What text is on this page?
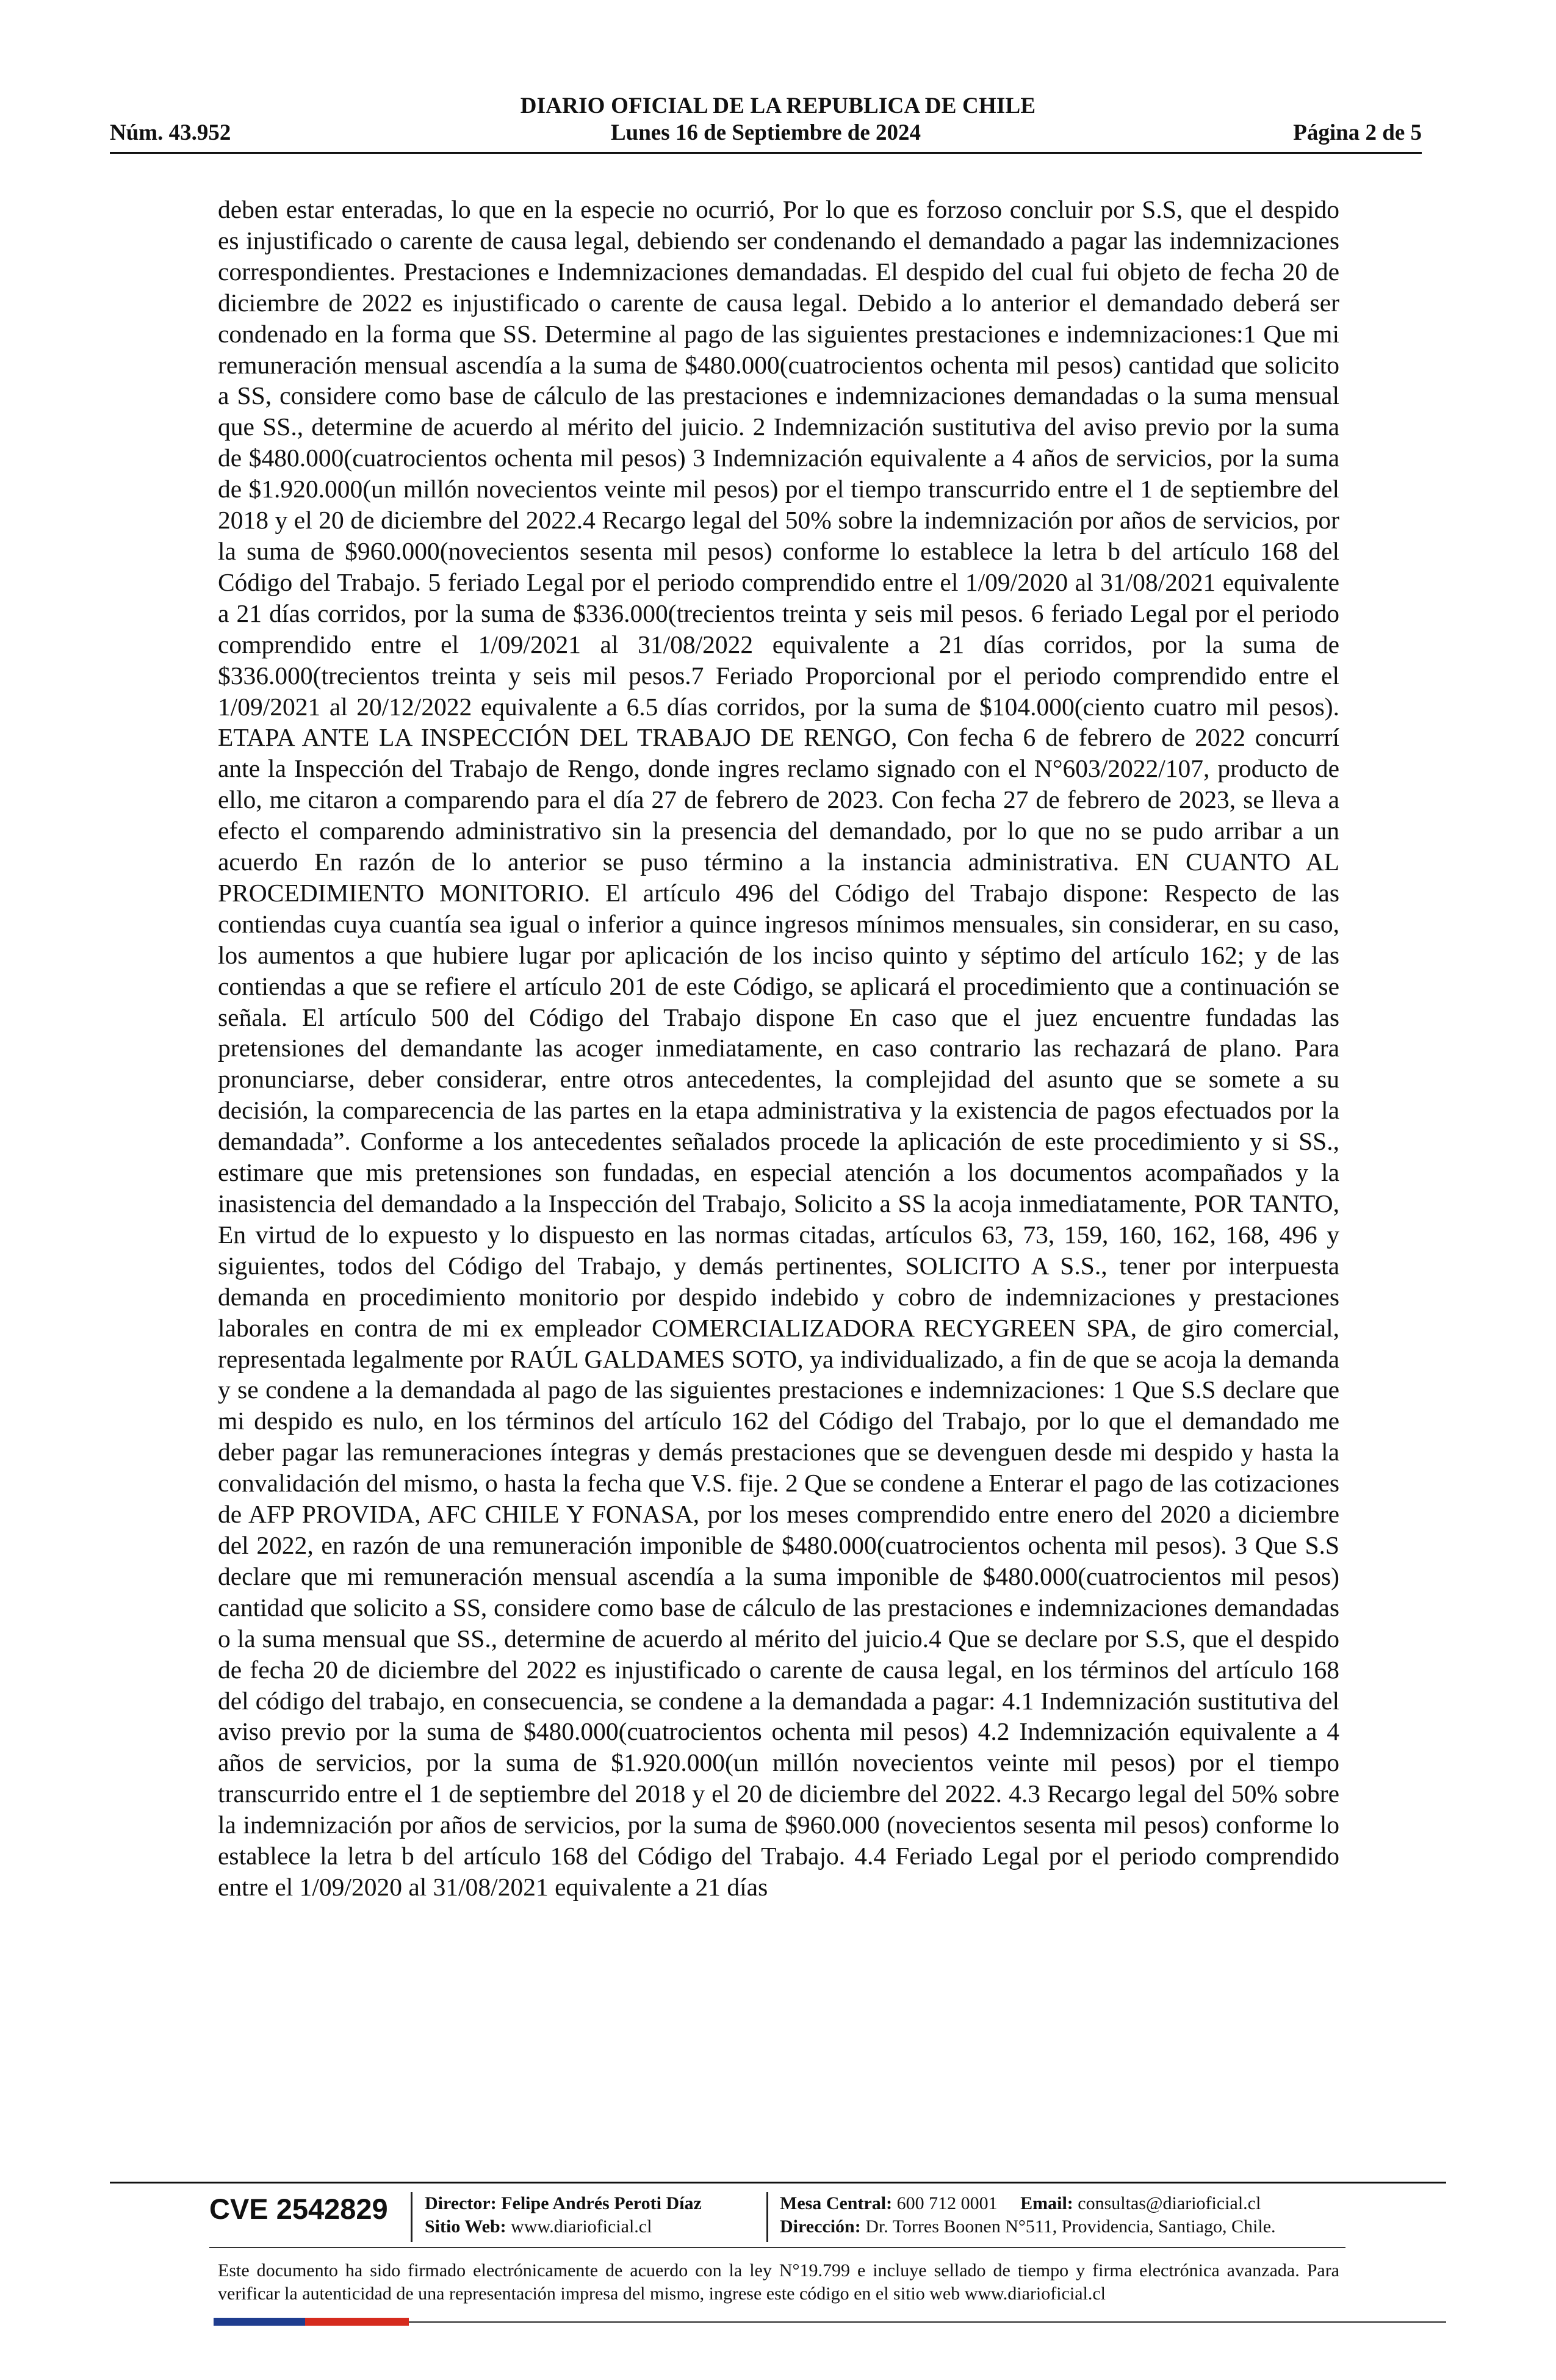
DIARIO OFICIAL DE LA REPUBLICA DE CHILE
Núm. 43.952	Lunes 16 de Septiembre de 2024	Página 2 de 5

deben estar enteradas, lo que en la especie no ocurrió, Por lo que es forzoso concluir por S.S, que el despido es injustificado o carente de causa legal, debiendo ser condenando el demandado a pagar las indemnizaciones correspondientes. Prestaciones e Indemnizaciones demandadas. El despido del cual fui objeto de fecha 20 de diciembre de 2022 es injustificado o carente de causa legal. Debido a lo anterior el demandado deberá ser condenado en la forma que SS. Determine al pago de las siguientes prestaciones e indemnizaciones:1 Que mi remuneración mensual ascendía a la suma de $480.000(cuatrocientos ochenta mil pesos) cantidad que solicito a SS, considere como base de cálculo de las prestaciones e indemnizaciones demandadas o la suma mensual que SS., determine de acuerdo al mérito del juicio. 2 Indemnización sustitutiva del aviso previo por la suma de $480.000(cuatrocientos ochenta mil pesos) 3 Indemnización equivalente a 4 años de servicios, por la suma de $1.920.000(un millón novecientos veinte mil pesos) por el tiempo transcurrido entre el 1 de septiembre del 2018 y el 20 de diciembre del 2022.4 Recargo legal del 50% sobre la indemnización por años de servicios, por la suma de $960.000(novecientos sesenta mil pesos) conforme lo establece la letra b del artículo 168 del Código del Trabajo. 5 feriado Legal por el periodo comprendido entre el 1/09/2020 al 31/08/2021 equivalente a 21 días corridos, por la suma de $336.000(trecientos treinta y seis mil pesos. 6 feriado Legal por el periodo comprendido entre el 1/09/2021 al 31/08/2022 equivalente a 21 días corridos, por la suma de $336.000(trecientos treinta y seis mil pesos.7 Feriado Proporcional por el periodo comprendido entre el 1/09/2021 al 20/12/2022 equivalente a 6.5 días corridos, por la suma de $104.000(ciento cuatro mil pesos). ETAPA ANTE LA INSPECCIÓN DEL TRABAJO DE RENGO, Con fecha 6 de febrero de 2022 concurrí ante la Inspección del Trabajo de Rengo, donde ingres reclamo signado con el N°603/2022/107, producto de ello, me citaron a comparendo para el día 27 de febrero de 2023. Con fecha 27 de febrero de 2023, se lleva a efecto el comparendo administrativo sin la presencia del demandado, por lo que no se pudo arribar a un acuerdo En razón de lo anterior se puso término a la instancia administrativa. EN CUANTO AL PROCEDIMIENTO MONITORIO. El artículo 496 del Código del Trabajo dispone: Respecto de las contiendas cuya cuantía sea igual o inferior a quince ingresos mínimos mensuales, sin considerar, en su caso, los aumentos a que hubiere lugar por aplicación de los inciso quinto y séptimo del artículo 162; y de las contiendas a que se refiere el artículo 201 de este Código, se aplicará el procedimiento que a continuación se señala. El artículo 500 del Código del Trabajo dispone En caso que el juez encuentre fundadas las pretensiones del demandante las acoger inmediatamente, en caso contrario las rechazará de plano. Para pronunciarse, deber considerar, entre otros antecedentes, la complejidad del asunto que se somete a su decisión, la comparecencia de las partes en la etapa administrativa y la existencia de pagos efectuados por la demandada”. Conforme a los antecedentes señalados procede la aplicación de este procedimiento y si SS., estimare que mis pretensiones son fundadas, en especial atención a los documentos acompañados y la inasistencia del demandado a la Inspección del Trabajo, Solicito a SS la acoja inmediatamente, POR TANTO, En virtud de lo expuesto y lo dispuesto en las normas citadas, artículos 63, 73, 159, 160, 162, 168, 496 y siguientes, todos del Código del Trabajo, y demás pertinentes, SOLICITO A S.S., tener por interpuesta demanda en procedimiento monitorio por despido indebido y cobro de indemnizaciones y prestaciones laborales en contra de mi ex empleador COMERCIALIZADORA RECYGREEN SPA, de giro comercial, representada legalmente por RAÚL GALDAMES SOTO, ya individualizado, a fin de que se acoja la demanda y se condene a la demandada al pago de las siguientes prestaciones e indemnizaciones: 1 Que S.S declare que mi despido es nulo, en los términos del artículo 162 del Código del Trabajo, por lo que el demandado me deber pagar las remuneraciones íntegras y demás prestaciones que se devenguen desde mi despido y hasta la convalidación del mismo, o hasta la fecha que V.S. fije. 2 Que se condene a Enterar el pago de las cotizaciones de AFP PROVIDA, AFC CHILE Y FONASA, por los meses comprendido entre enero del 2020 a diciembre del 2022, en razón de una remuneración imponible de $480.000(cuatrocientos ochenta mil pesos). 3 Que S.S declare que mi remuneración mensual ascendía a la suma imponible de $480.000(cuatrocientos mil pesos) cantidad que solicito a SS, considere como base de cálculo de las prestaciones e indemnizaciones demandadas o la suma mensual que SS., determine de acuerdo al mérito del juicio.4 Que se declare por S.S, que el despido de fecha 20 de diciembre del 2022 es injustificado o carente de causa legal, en los términos del artículo 168 del código del trabajo, en consecuencia, se condene a la demandada a pagar: 4.1 Indemnización sustitutiva del aviso previo por la suma de $480.000(cuatrocientos ochenta mil pesos) 4.2 Indemnización equivalente a 4 años de servicios, por la suma de $1.920.000(un millón novecientos veinte mil pesos) por el tiempo transcurrido entre el 1 de septiembre del 2018 y el 20 de diciembre del 2022. 4.3 Recargo legal del 50% sobre la indemnización por años de servicios, por la suma de $960.000 (novecientos sesenta mil pesos) conforme lo establece la letra b del artículo 168 del Código del Trabajo. 4.4 Feriado Legal por el periodo comprendido entre el 1/09/2020 al 31/08/2021 equivalente a 21 días

CVE 2542829 Director: Felipe Andrés Peroti Díaz
Sitio Web: www.diarioficial.cl
Mesa Central: 600 712 0001 Email: consultas@diarioficial.cl
Dirección: Dr. Torres Boonen N°511, Providencia, Santiago, Chile.

Este documento ha sido firmado electrónicamente de acuerdo con la ley N°19.799 e incluye sellado de tiempo y firma electrónica avanzada. Para verificar la autenticidad de una representación impresa del mismo, ingrese este código en el sitio web www.diarioficial.cl
